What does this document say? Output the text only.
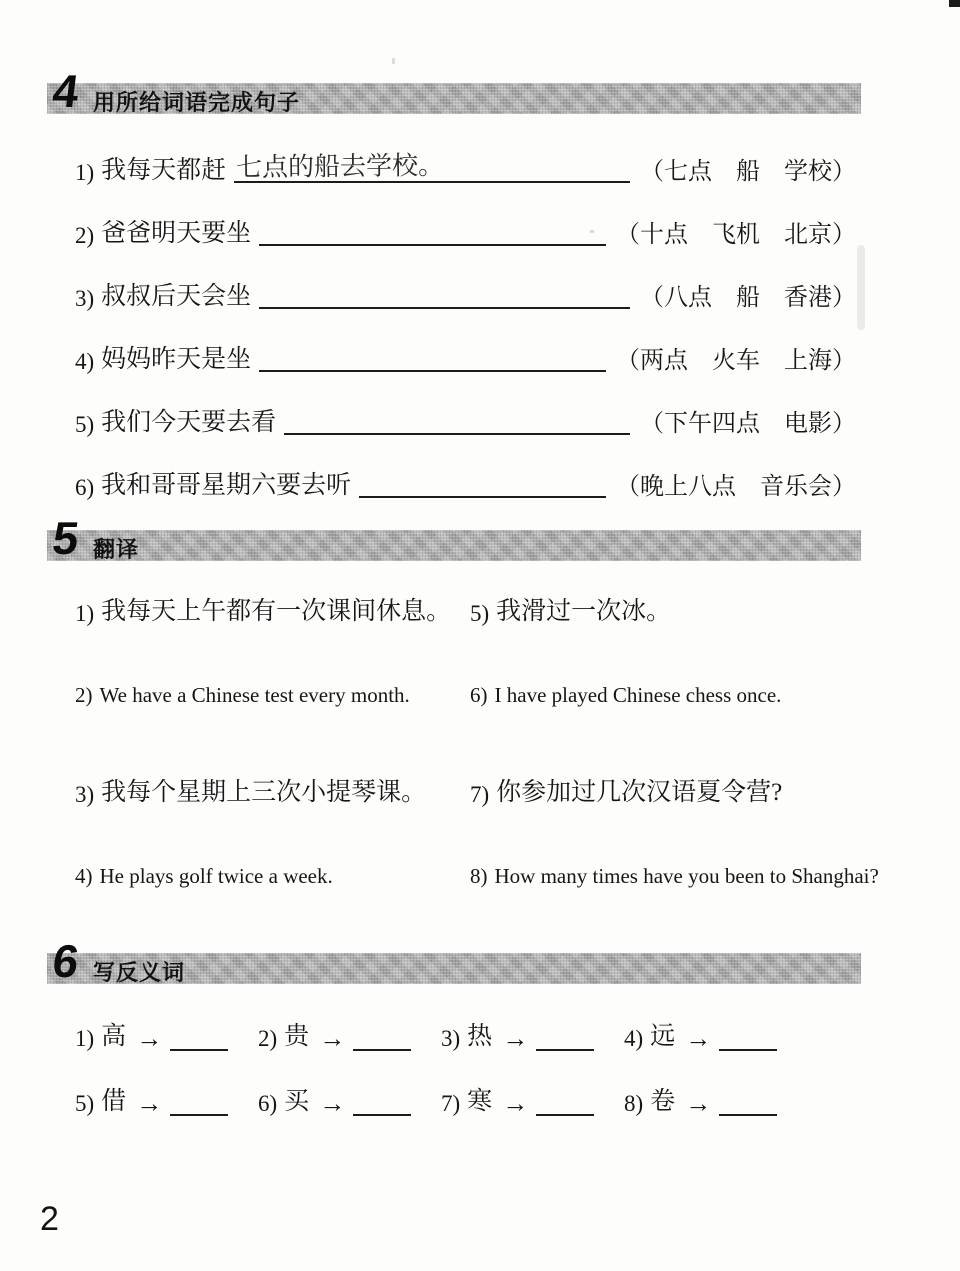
4 用所给词语完成句子
1) 我每天都赶 七点的船去学校。	（七点　船　学校）
2) 爸爸明天要坐	（十点　飞机　北京）
3) 叔叔后天会坐	（八点　船　香港）
4) 妈妈昨天是坐	（两点　火车　上海）
5) 我们今天要去看	（下午四点　电影）
6) 我和哥哥星期六要去听	（晚上八点　音乐会）
5 翻译
1) 我每天上午都有一次课间休息。 5) 我滑过一次冰。
2) We have a Chinese test every month.	6) I have played Chinese chess once.
3) 我每个星期上三次小提琴课。 7) 你参加过几次汉语夏令营?
4) He plays golf twice a week.	8) How many times have you been to Shanghai?
6 写反义词
1) 高 →	2) 贵 →	3) 热 →	4) 远 →
5) 借 →	6) 买 →	7) 寒 →	8) 卷 →
2
